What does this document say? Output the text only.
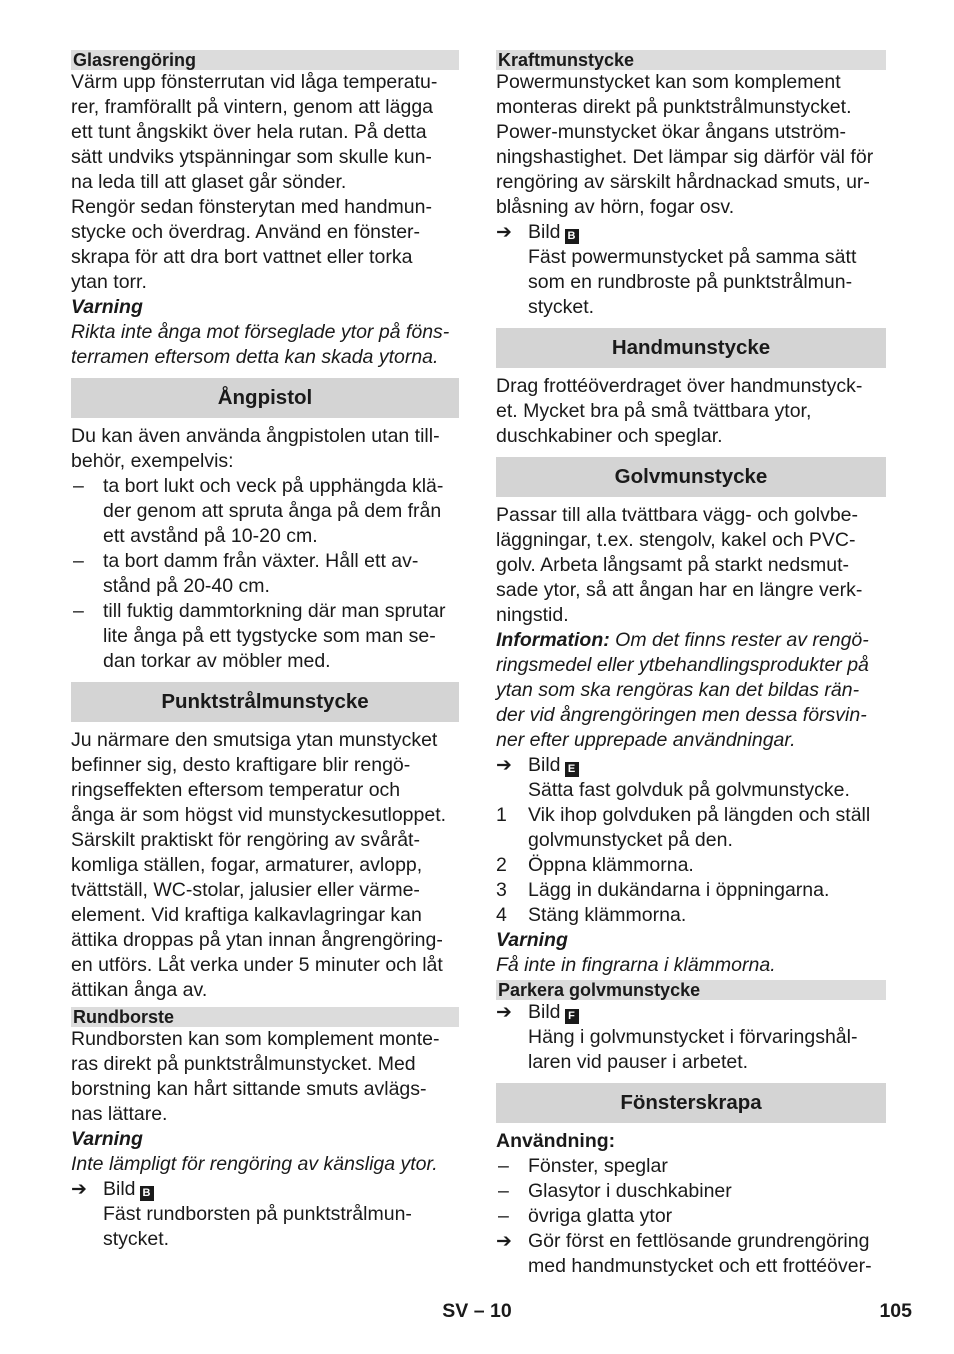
Glasrengöring
Värm upp fönsterrutan vid låga temperatu-
rer, framförallt på vintern, genom att lägga
ett tunt ångskikt över hela rutan. På detta
sätt undviks ytspänningar som skulle kun-
na leda till att glaset går sönder.
Rengör sedan fönsterytan med handmun-
stycke och överdrag. Använd en fönster-
skrapa för att dra bort vattnet eller torka
ytan torr.
Varning
Rikta inte ånga mot förseglade ytor på föns-
terramen eftersom detta kan skada ytorna.
Ångpistol
Du kan även använda ångpistolen utan till-
behör, exempelvis:
– ta bort lukt och veck på upphängda klä-
der genom att spruta ånga på dem från
ett avstånd på 10-20 cm.
– ta bort damm från växter. Håll ett av-
stånd på 20-40 cm.
– till fuktig dammtorkning där man sprutar
lite ånga på ett tygstycke som man se-
dan torkar av möbler med.
Punktstrålmunstycke
Ju närmare den smutsiga ytan munstycket
befinner sig, desto kraftigare blir rengö-
ringseffekten eftersom temperatur och
ånga är som högst vid munstyckesutloppet.
Särskilt praktiskt för rengöring av svåråt-
komliga ställen, fogar, armaturer, avlopp,
tvättställ, WC-stolar, jalusier eller värme-
element. Vid kraftiga kalkavlagringar kan
ättika droppas på ytan innan ångrengöring-
en utförs. Låt verka under 5 minuter och låt
ättikan ånga av.
Rundborste
Rundborsten kan som komplement monte-
ras direkt på punktstrålmunstycket. Med
borstning kan hårt sittande smuts avlägs-
nas lättare.
Varning
Inte lämpligt för rengöring av känsliga ytor.
➔ Bild B
Fäst rundborsten på punktstrålmun-
stycket.
Kraftmunstycke
Powermunstycket kan som komplement
monteras direkt på punktstrålmunstycket.
Power-munstycket ökar ångans utström-
ningshastighet. Det lämpar sig därför väl för
rengöring av särskilt hårdnackad smuts, ur-
blåsning av hörn, fogar osv.
➔ Bild B
Fäst powermunstycket på samma sätt
som en rundbroste på punktstrålmun-
stycket.
Handmunstycke
Drag frottéöverdraget över handmunstyck-
et. Mycket bra på små tvättbara ytor,
duschkabiner och speglar.
Golvmunstycke
Passar till alla tvättbara vägg- och golvbe-
läggningar, t.ex. stengolv, kakel och PVC-
golv. Arbeta långsamt på starkt nedsmut-
sade ytor, så att ångan har en längre verk-
ningstid.
Information: Om det finns rester av rengö-
ringsmedel eller ytbehandlingsprodukter på
ytan som ska rengöras kan det bildas rän-
der vid ångrengöringen men dessa försvin-
ner efter upprepade användningar.
➔ Bild E
Sätta fast golvduk på golvmunstycke.
1	Vik ihop golvduken på längden och ställ
golvmunstycket på den.
2	Öppna klämmorna.
3	Lägg in dukändarna i öppningarna.
4	Stäng klämmorna.
Varning
Få inte in fingrarna i klämmorna.
Parkera golvmunstycke
➔ Bild F
Häng i golvmunstycket i förvaringshål-
laren vid pauser i arbetet.
Fönsterskrapa
Användning:
– Fönster, speglar
– Glasytor i duschkabiner
– övriga glatta ytor
➔ Gör först en fettlösande grundrengöring
med handmunstycket och ett frottéöver-
SV – 10	105
